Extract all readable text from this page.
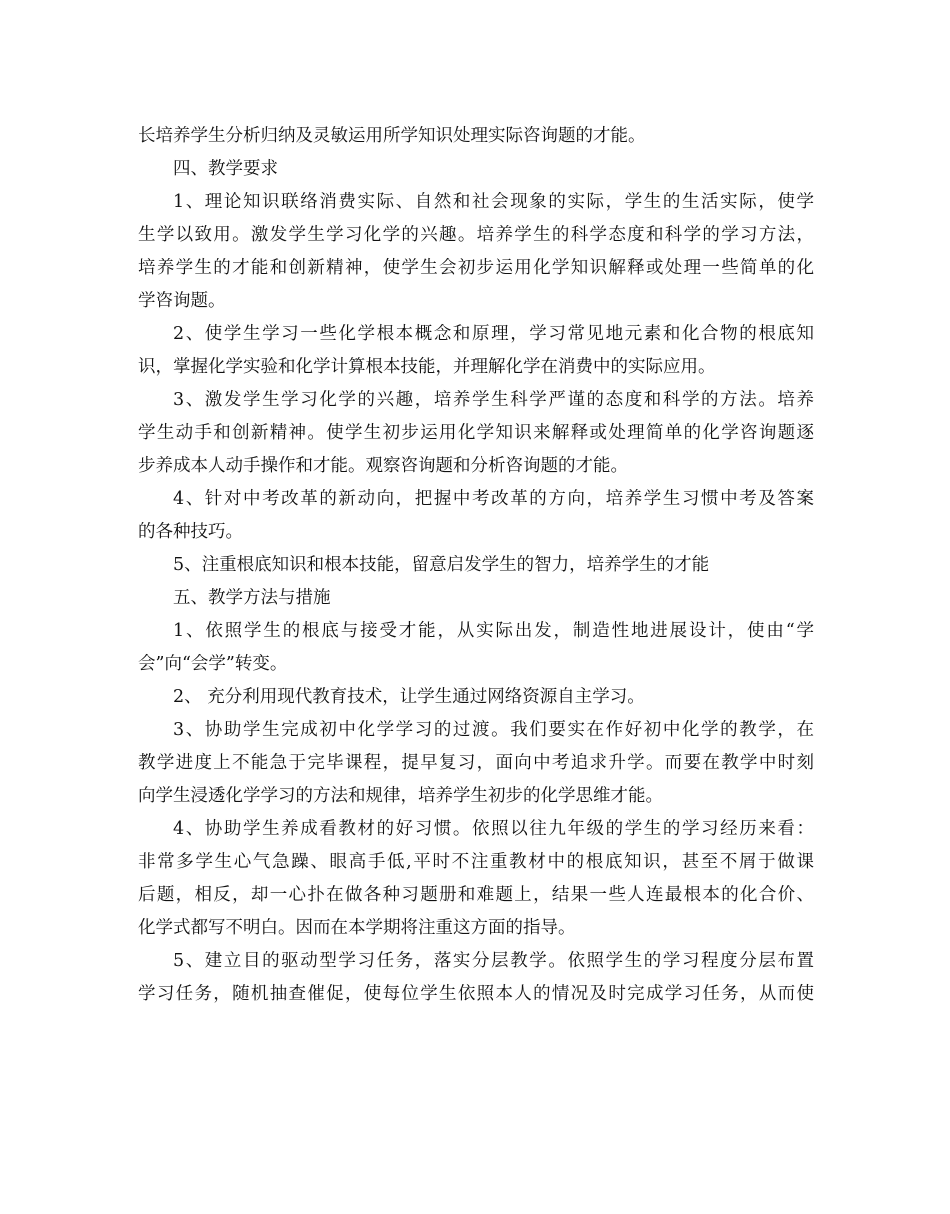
长培养学生分析归纳及灵敏运用所学知识处理实际咨询题的才能。
四、教学要求
1、理论知识联络消费实际、自然和社会现象的实际，学生的生活实际，使学
生学以致用。激发学生学习化学的兴趣。培养学生的科学态度和科学的学习方法，
培养学生的才能和创新精神，使学生会初步运用化学知识解释或处理一些简单的化
学咨询题。
2、使学生学习一些化学根本概念和原理，学习常见地元素和化合物的根底知
识，掌握化学实验和化学计算根本技能，并理解化学在消费中的实际应用。
3、激发学生学习化学的兴趣，培养学生科学严谨的态度和科学的方法。培养
学生动手和创新精神。使学生初步运用化学知识来解释或处理简单的化学咨询题逐
步养成本人动手操作和才能。观察咨询题和分析咨询题的才能。
4、针对中考改革的新动向，把握中考改革的方向，培养学生习惯中考及答案
的各种技巧。
5、注重根底知识和根本技能，留意启发学生的智力，培养学生的才能
五、教学方法与措施
1、依照学生的根底与接受才能，从实际出发，制造性地进展设计，使由“学
会”向“会学”转变。
2、 充分利用现代教育技术，让学生通过网络资源自主学习。
3、协助学生完成初中化学学习的过渡。我们要实在作好初中化学的教学，在
教学进度上不能急于完毕课程，提早复习，面向中考追求升学。而要在教学中时刻
向学生浸透化学学习的方法和规律，培养学生初步的化学思维才能。
4、协助学生养成看教材的好习惯。依照以往九年级的学生的学习经历来看：
非常多学生心气急躁、眼高手低,平时不注重教材中的根底知识，甚至不屑于做课
后题，相反，却一心扑在做各种习题册和难题上，结果一些人连最根本的化合价、
化学式都写不明白。因而在本学期将注重这方面的指导。
5、建立目的驱动型学习任务，落实分层教学。依照学生的学习程度分层布置
学习任务，随机抽查催促，使每位学生依照本人的情况及时完成学习任务，从而使
